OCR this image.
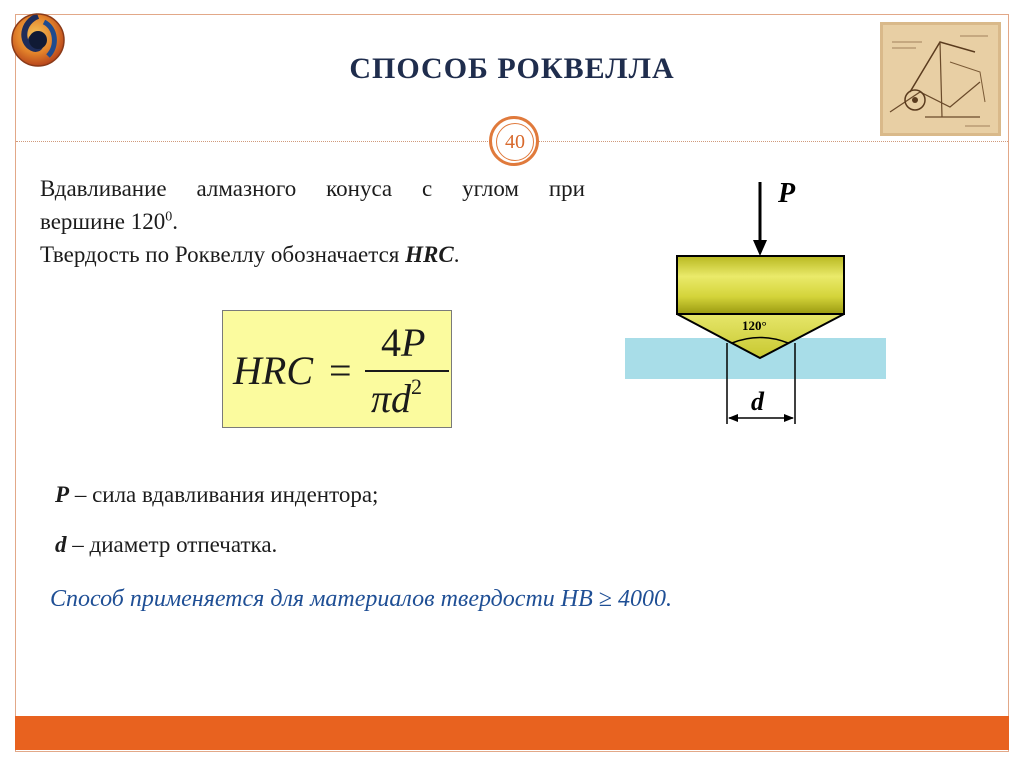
СПОСОБ РОКВЕЛЛА
40
Вдавливание алмазного конуса с углом при
вершине $120^0$.
Твердость по Роквеллу обозначается HRC.
HRC =
4P
$\pi d^2$
P – сила вдавливания индентора;
d – диаметр отпечатка.
Способ применяется для материалов твердости НВ ≥ 4000.
P
120°
d
